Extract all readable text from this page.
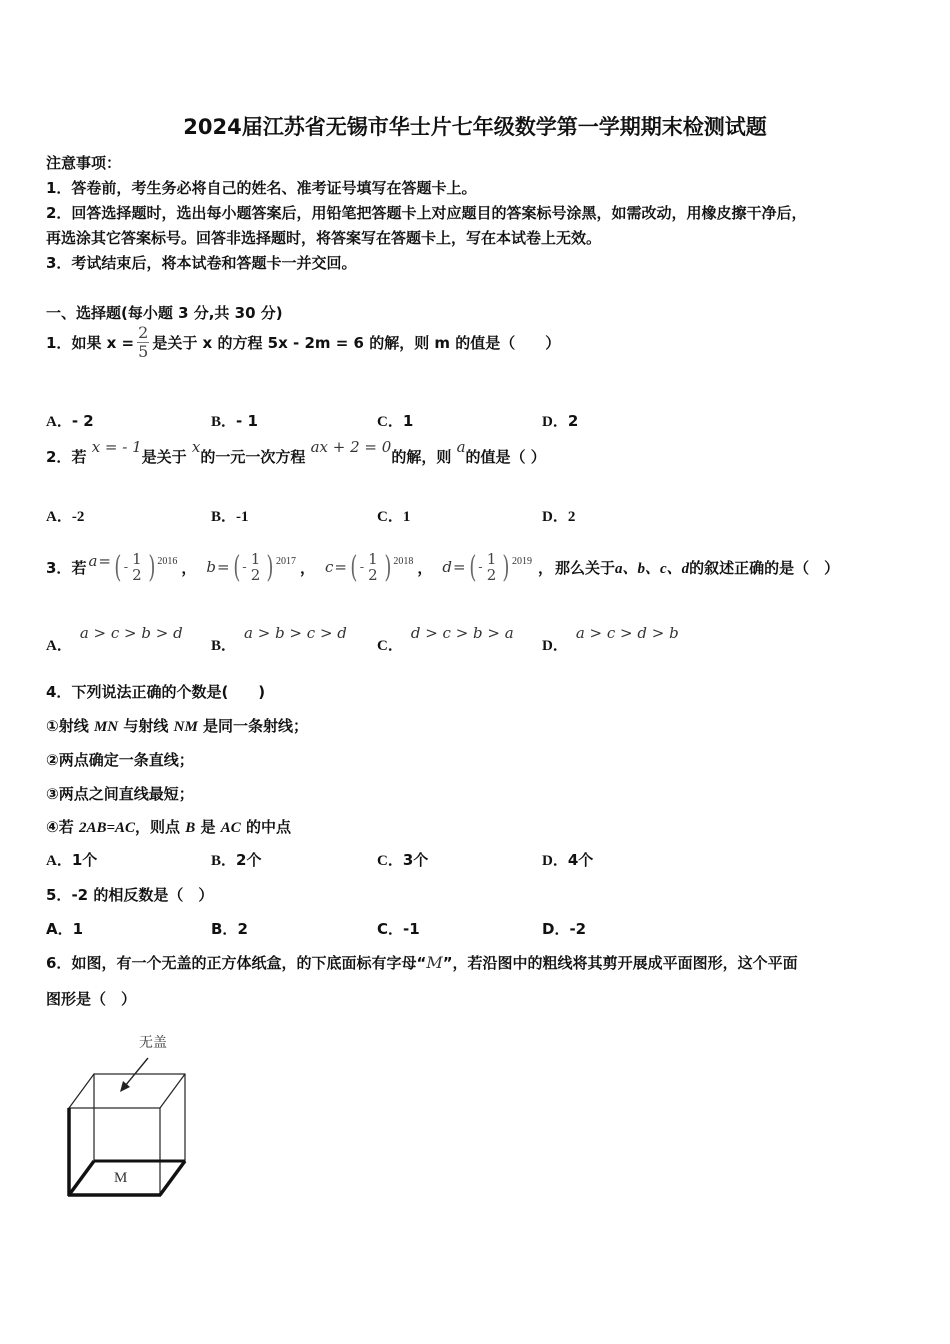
2024届江苏省无锡市华士片七年级数学第一学期期末检测试题
注意事项：
1．答卷前，考生务必将自己的姓名、准考证号填写在答题卡上。
2．回答选择题时，选出每小题答案后，用铅笔把答题卡上对应题目的答案标号涂黑，如需改动，用橡皮擦干净后，
再选涂其它答案标号。回答非选择题时，将答案写在答题卡上，写在本试卷上无效。
3．考试结束后，将本试卷和答题卡一并交回。
一、选择题(每小题 3 分,共 30 分)
1． 如果 $x = \frac{2}{5}$ 是关于 x 的方程 5x - 2m = 6 的解，则 m 的值是（　　）
A．- 2	B．- 1	C．1	D．2
2．若 x = - 1是关于 x的一元一次方程 ax + 2 = 0的解，则 a的值是（ ）
A．-2	B．-1	C．1	D．2
3． 若 a = ( - 1
2 ) 2016 ， b = ( - 1
2 ) 2017 ， c = ( - 1
2 ) 2018 ， d = ( - 1
2 ) 2019 ， 那么关于 a、b、c、d 的叙述正确的是（　）
A．a > c > b > d
B．a > b > c > d
C．d > c > b > a
D．a > c > d > b
4．下列说法正确的个数是(　　)
①射线 MN 与射线 NM 是同一条射线；
②两点确定一条直线；
③两点之间直线最短；
④若 2AB=AC，则点 B 是 AC 的中点
A．1个	B．2个	C．3个	D．4个
5．-2 的相反数是（　）
A．1	B．2	C．-1	D．-2
6．如图，有一个无盖的正方体纸盒，的下底面标有字母“M”，若沿图中的粗线将其剪开展成平面图形，这个平面
图形是（　）
无盖
M
